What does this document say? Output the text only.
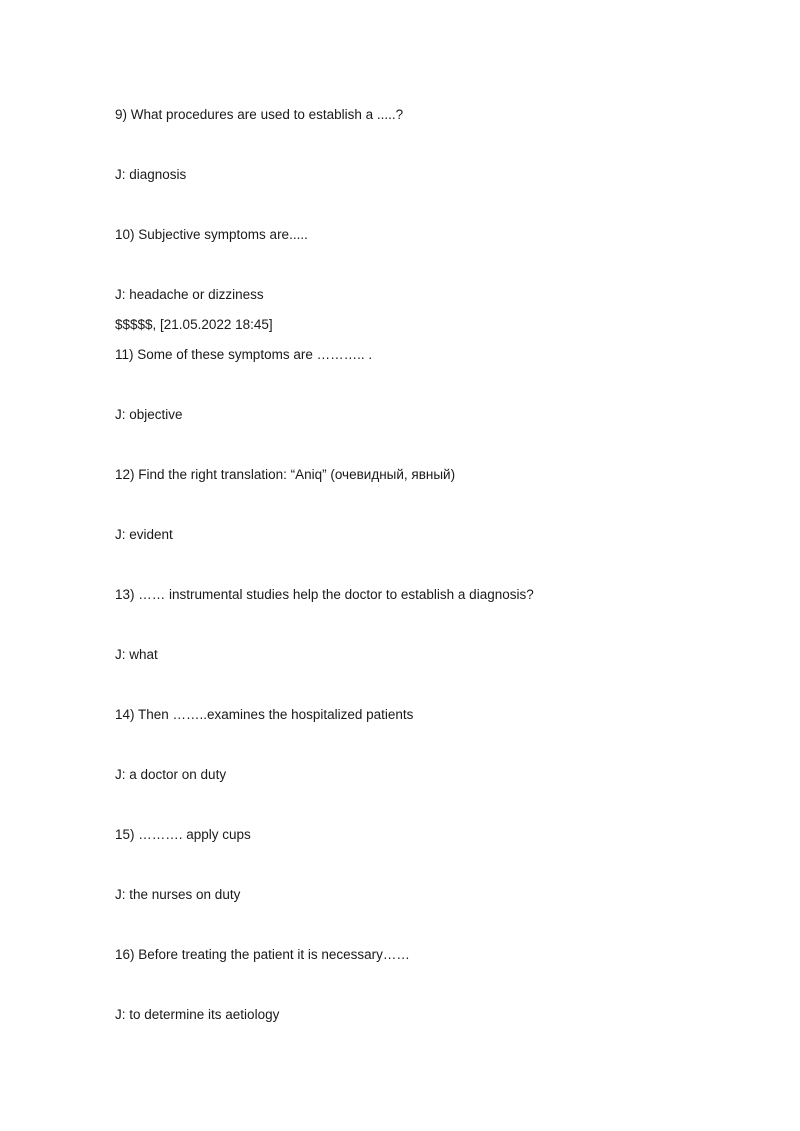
9) What procedures are used to establish a .....?
J: diagnosis
10) Subjective symptoms are.....
J: headache or dizziness
$$$$$, [21.05.2022 18:45]
11) Some of these symptoms are ……….. .
J: objective
12) Find the right translation: “Aniq” (очевидный, явный)
J: evident
13) …… instrumental studies help the doctor to establish a diagnosis?
J: what
14) Then ……..examines the hospitalized patients
J: a doctor on duty
15) ………. apply cups
J: the nurses on duty
16) Before treating the patient it is necessary……
J: to determine its aetiology
